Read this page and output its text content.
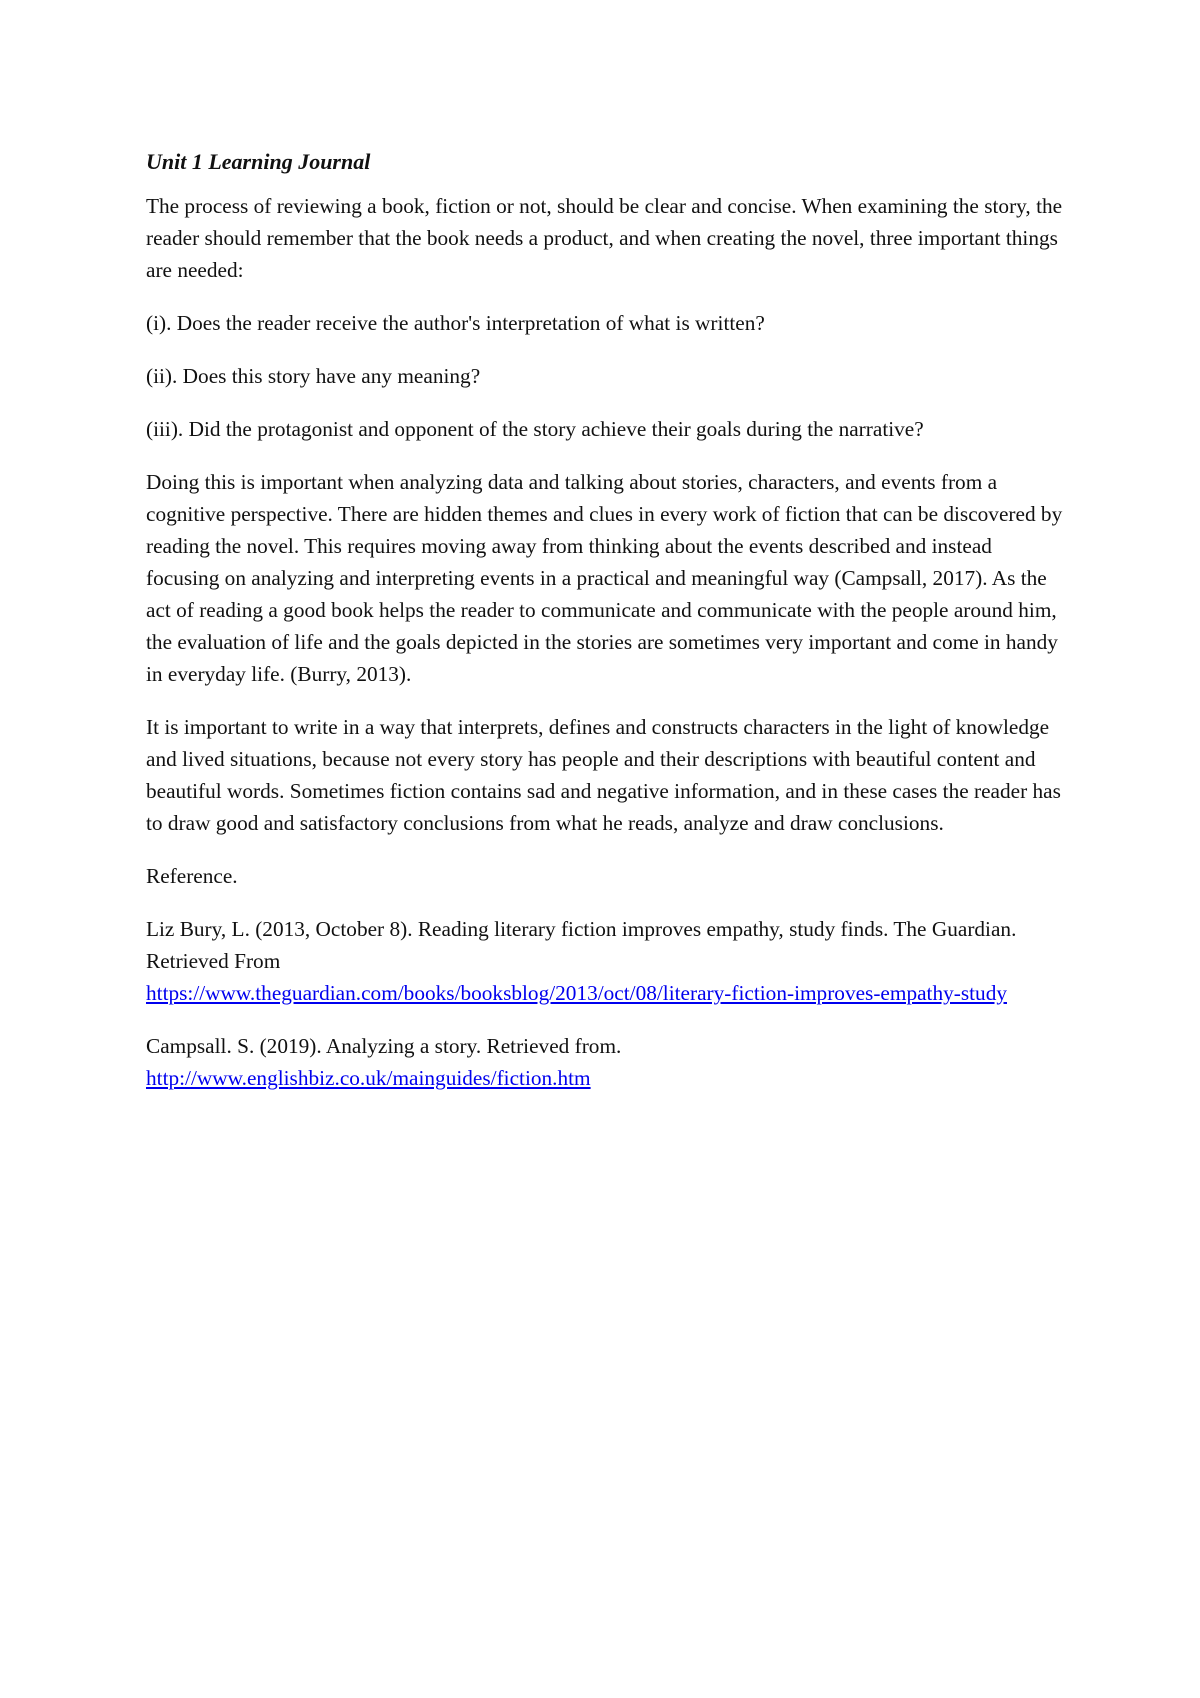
Unit 1 Learning Journal

The process of reviewing a book, fiction or not, should be clear and concise. When examining the story, the reader should remember that the book needs a product, and when creating the novel, three important things are needed:

(i). Does the reader receive the author's interpretation of what is written?

(ii). Does this story have any meaning?

(iii). Did the protagonist and opponent of the story achieve their goals during the narrative?

Doing this is important when analyzing data and talking about stories, characters, and events from a cognitive perspective. There are hidden themes and clues in every work of fiction that can be discovered by reading the novel. This requires moving away from thinking about the events described and instead focusing on analyzing and interpreting events in a practical and meaningful way (Campsall, 2017). As the act of reading a good book helps the reader to communicate and communicate with the people around him, the evaluation of life and the goals depicted in the stories are sometimes very important and come in handy in everyday life. (Burry, 2013).

It is important to write in a way that interprets, defines and constructs characters in the light of knowledge and lived situations, because not every story has people and their descriptions with beautiful content and beautiful words. Sometimes fiction contains sad and negative information, and in these cases the reader has to draw good and satisfactory conclusions from what he reads, analyze and draw conclusions.

Reference.

Liz Bury, L. (2013, October 8). Reading literary fiction improves empathy, study finds. The Guardian. Retrieved From
https://www.theguardian.com/books/booksblog/2013/oct/08/literary-fiction-improves-empathy-study
Campsall. S. (2019). Analyzing a story. Retrieved from.
http://www.englishbiz.co.uk/mainguides/fiction.htm
